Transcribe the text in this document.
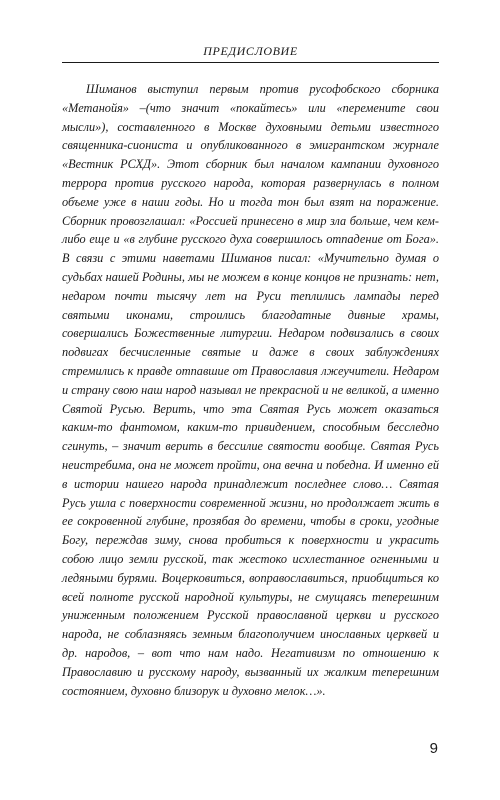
ПРЕДИСЛОВИЕ

Шиманов выступил первым против русофобского сборника «Метанойя» –(что значит «покайтесь» или «перемените свои мысли»), составленного в Москве духовными детьми известного священника-сиониста и опубликованного в эмигрантском журнале «Вестник РСХД». Этот сборник был началом кампании духовного террора против русского народа, которая развернулась в полном объеме уже в наши годы. Но и тогда тон был взят на поражение. Сборник провозглашал: «Россией принесено в мир зла больше, чем кем-либо еще и «в глубине русского духа совершилось отпадение от Бога». В связи с этими наветами Шиманов писал: «Мучительно думая о судьбах нашей Родины, мы не можем в конце концов не признать: нет, недаром почти тысячу лет на Руси теплились лампады перед святыми иконами, строились благодатные дивные храмы, совершались Божественные литургии. Недаром подвизались в своих подвигах бесчисленные святые и даже в своих заблуждениях стремились к правде отпавшие от Православия лжеучители. Недаром и страну свою наш народ называл не прекрасной и не великой, а именно Святой Русью. Верить, что эта Святая Русь может оказаться каким-то фантомом, каким-то привидением, способным бесследно сгинуть, – значит верить в бессилие святости вообще. Святая Русь неистребима, она не может пройти, она вечна и победна. И именно ей в истории нашего народа принадлежит последнее слово… Святая Русь ушла с поверхности современной жизни, но продолжает жить в ее сокровенной глубине, прозябая до времени, чтобы в сроки, угодные Богу, переждав зиму, снова пробиться к поверхности и украсить собою лицо земли русской, так жестоко исхлестанное огненными и ледяными бурями. Воцерковиться, воправославиться, приобщиться ко всей полноте русской народной культуры, не смущаясь теперешним униженным положением Русской православной церкви и русского народа, не соблазняясь земным благополучием инославных церквей и др. народов, – вот что нам надо. Негативизм по отношению к Православию и русскому народу, вызванный их жалким теперешним состоянием, духовно близорук и духовно мелок…».

9
